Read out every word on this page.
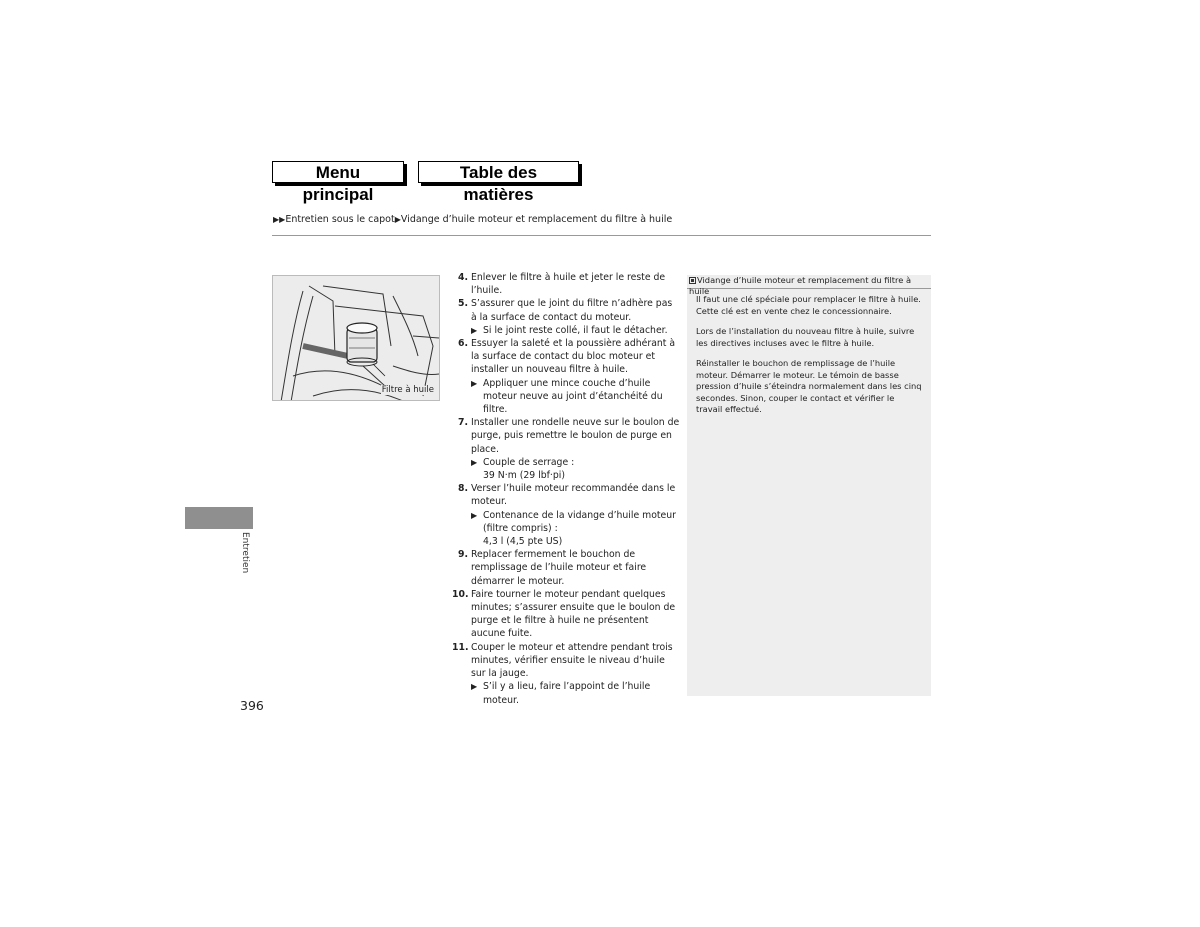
Menu principal
Table des matières
▶▶Entretien sous le capot▶Vidange d’huile moteur et remplacement du filtre à huile
Filtre à huile
4. Enlever le filtre à huile et jeter le reste de l’huile.
5. S’assurer que le joint du filtre n’adhère pas à la surface de contact du moteur.
▶ Si le joint reste collé, il faut le détacher.
6. Essuyer la saleté et la poussière adhérant à la surface de contact du bloc moteur et installer un nouveau filtre à huile.
▶ Appliquer une mince couche d’huile moteur neuve au joint d’étanchéité du filtre.
7. Installer une rondelle neuve sur le boulon de purge, puis remettre le boulon de purge en place.
▶ Couple de serrage :
39 N·m (29 lbf·pi)
8. Verser l’huile moteur recommandée dans le moteur.
▶ Contenance de la vidange d’huile moteur (filtre compris) :
4,3 l (4,5 pte US)
9. Replacer fermement le bouchon de remplissage de l’huile moteur et faire démarrer le moteur.
10. Faire tourner le moteur pendant quelques minutes; s’assurer ensuite que le boulon de purge et le filtre à huile ne présentent aucune fuite.
11. Couper le moteur et attendre pendant trois minutes, vérifier ensuite le niveau d’huile sur la jauge.
▶ S’il y a lieu, faire l’appoint de l’huile moteur.
Vidange d’huile moteur et remplacement du filtre à huile

Il faut une clé spéciale pour remplacer le filtre à huile. Cette clé est en vente chez le concessionnaire.

Lors de l’installation du nouveau filtre à huile, suivre les directives incluses avec le filtre à huile.

Réinstaller le bouchon de remplissage de l’huile moteur. Démarrer le moteur. Le témoin de basse pression d’huile s’éteindra normalement dans les cinq secondes. Sinon, couper le contact et vérifier le travail effectué.

Entretien
396
